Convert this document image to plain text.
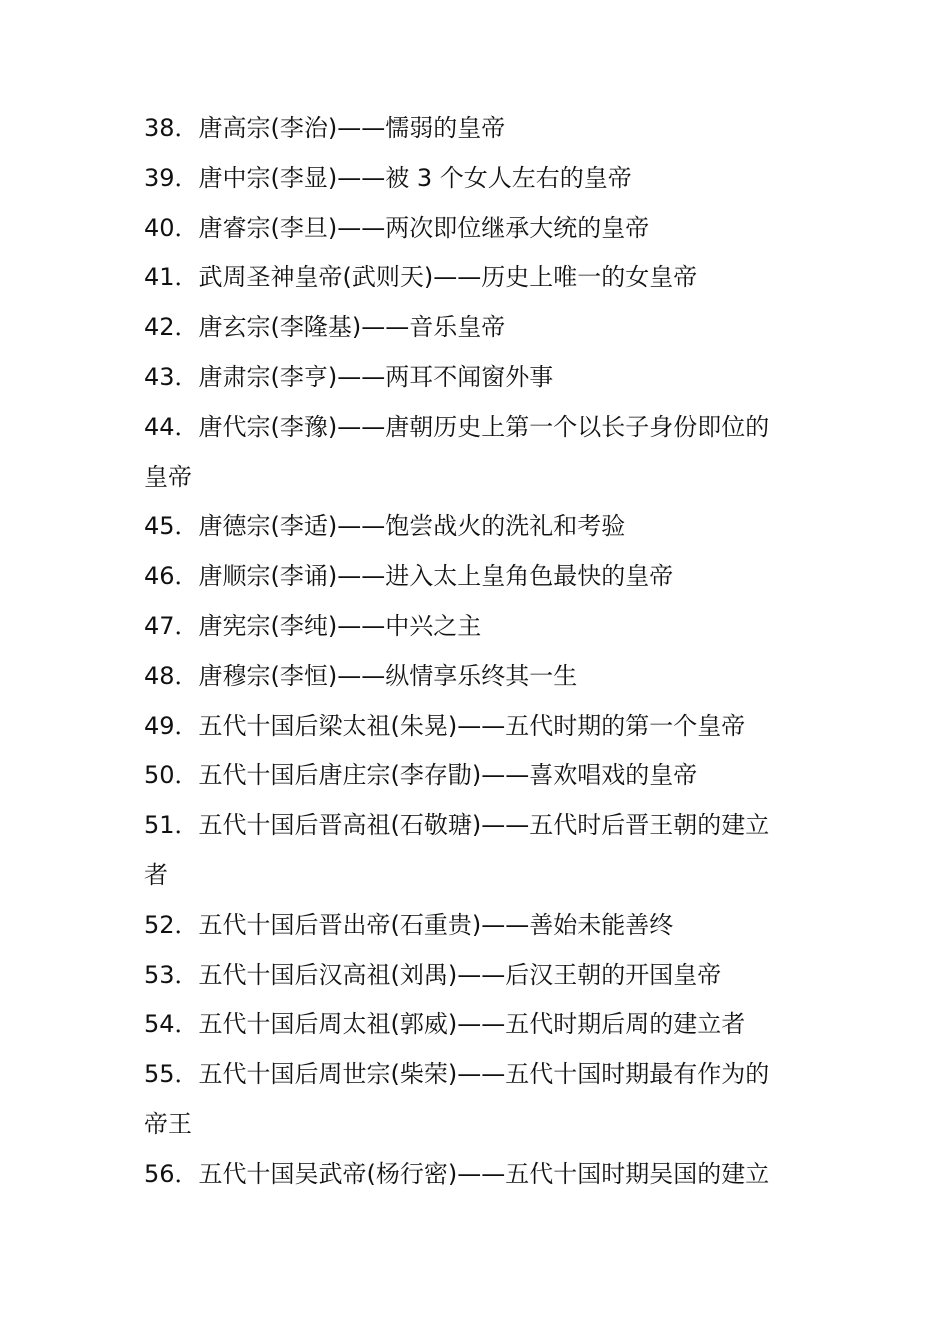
38．唐高宗(李治)——懦弱的皇帝
39．唐中宗(李显)——被 3 个女人左右的皇帝
40．唐睿宗(李旦)——两次即位继承大统的皇帝
41．武周圣神皇帝(武则天)——历史上唯一的女皇帝
42．唐玄宗(李隆基)——音乐皇帝
43．唐肃宗(李亨)——两耳不闻窗外事
44．唐代宗(李豫)——唐朝历史上第一个以长子身份即位的
皇帝
45．唐德宗(李适)——饱尝战火的洗礼和考验
46．唐顺宗(李诵)——进入太上皇角色最快的皇帝
47．唐宪宗(李纯)——中兴之主
48．唐穆宗(李恒)——纵情享乐终其一生
49．五代十国后梁太祖(朱晃)——五代时期的第一个皇帝
50．五代十国后唐庄宗(李存勖)——喜欢唱戏的皇帝
51．五代十国后晋高祖(石敬瑭)——五代时后晋王朝的建立
者
52．五代十国后晋出帝(石重贵)——善始未能善终
53．五代十国后汉高祖(刘禺)——后汉王朝的开国皇帝
54．五代十国后周太祖(郭威)——五代时期后周的建立者
55．五代十国后周世宗(柴荣)——五代十国时期最有作为的
帝王
56．五代十国吴武帝(杨行密)——五代十国时期吴国的建立
